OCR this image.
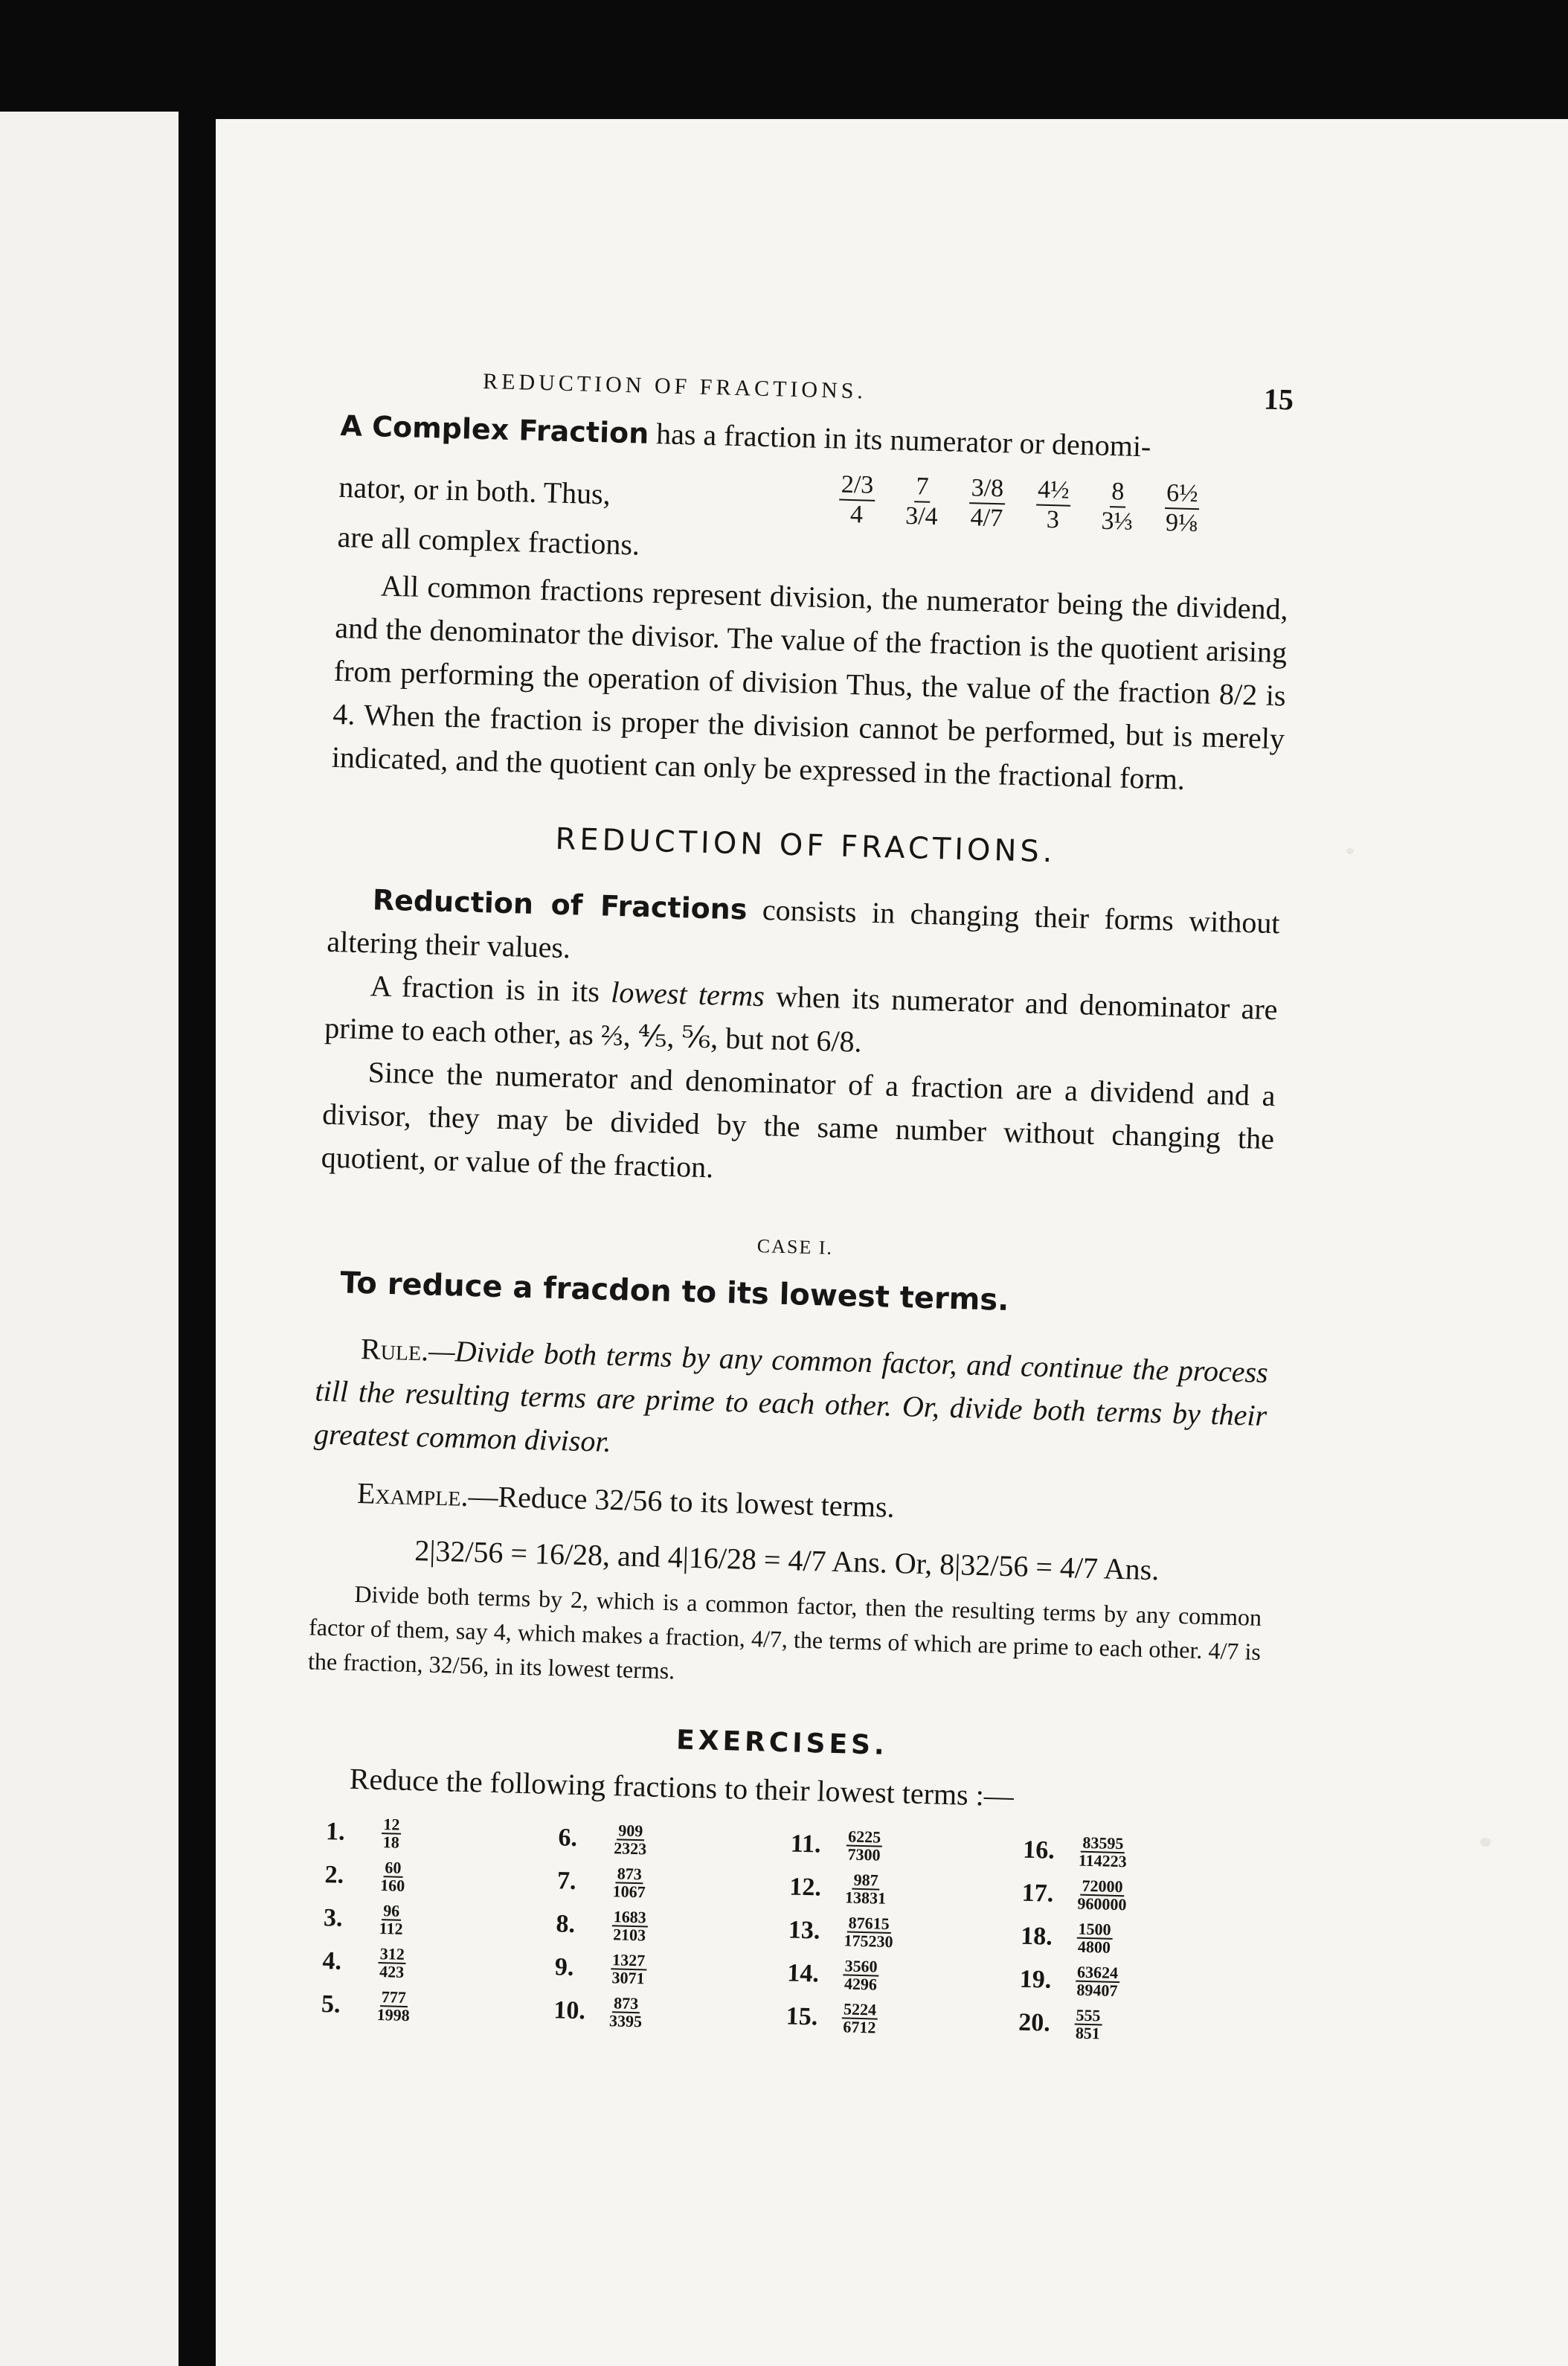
REDUCTION OF FRACTIONS.	15

A Complex Fraction has a fraction in its numerator or denomi-

nator, or in both. Thus,	$\frac{2/3}{4} \frac{7}{3/4} \frac{3/8}{4/7} \frac{\text{4½}}{3} \frac{8}{\text{3⅓}} \frac{\text{6½}}{\text{9⅛}}$

are all complex fractions.

All common fractions represent division, the numerator being the dividend, and the denominator the divisor. The value of the fraction is the quotient arising from performing the operation of division Thus, the value of the fraction 8/2 is 4. When the fraction is proper the division cannot be performed, but is merely indicated, and the quotient can only be expressed in the fractional form.

REDUCTION OF FRACTIONS.

Reduction of Fractions consists in changing their forms without altering their values.

A fraction is in its lowest terms when its numerator and denominator are prime to each other, as ⅔, ⅘, ⅚, but not 6/8.

Since the numerator and denominator of a fraction are a dividend and a divisor, they may be divided by the same number without changing the quotient, or value of the fraction.

CASE I.
To reduce a fracdon to its lowest terms.

Rule.—Divide both terms by any common factor, and continue the process till the resulting terms are prime to each other. Or, divide both terms by their greatest common divisor.

Example.—Reduce 32/56 to its lowest terms.

2|32/56 = 16/28, and 4|16/28 = 4/7 Ans. Or, 8|32/56 = 4/7 Ans.

Divide both terms by 2, which is a common factor, then the resulting terms by any common factor of them, say 4, which makes a fraction, 4/7, the terms of which are prime to each other. 4/7 is the fraction, 32/56, in its lowest terms.

EXERCISES.

Reduce the following fractions to their lowest terms :—

1.	$\frac{12}{18}$	6.	$\frac{909}{2323}$	11.	$\frac{6225}{7300}$	16.	$\frac{83595}{114223}$
2.	$\frac{60}{160}$	7.	$\frac{873}{1067}$	12.	$\frac{987}{13831}$	17.	$\frac{72000}{960000}$
3.	$\frac{96}{112}$	8.	$\frac{1683}{2103}$	13.	$\frac{87615}{175230}$	18.	$\frac{1500}{4800}$
4.	$\frac{312}{423}$	9.	$\frac{1327}{3071}$	14.	$\frac{3560}{4296}$	19.	$\frac{63624}{89407}$
5.	$\frac{777}{1998}$	10.	$\frac{873}{3395}$	15.	$\frac{5224}{6712}$	20.	$\frac{555}{851}$
